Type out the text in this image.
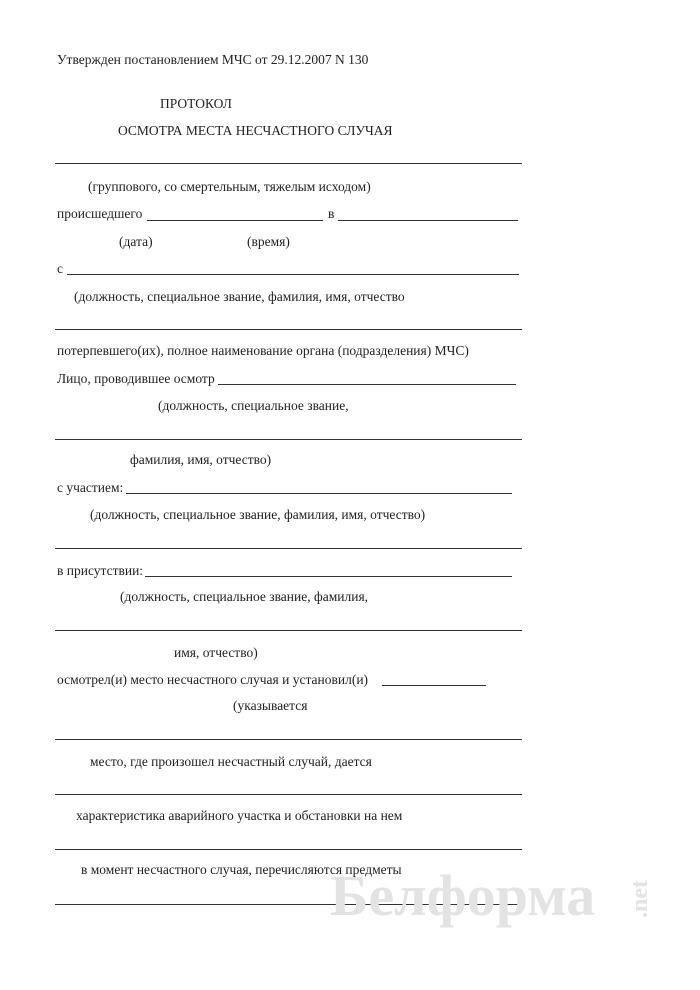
Утвержден постановлением МЧС от 29.12.2007 N 130
ПРОТОКОЛ
ОСМОТРА МЕСТА НЕСЧАСТНОГО СЛУЧАЯ
(группового, со смертельным, тяжелым исходом)
происшедшего	в
(дата)	(время)
с
(должность, специальное звание, фамилия, имя, отчество
потерпевшего(их), полное наименование органа (подразделения) МЧС)
Лицо, проводившее осмотр
(должность, специальное звание,
фамилия, имя, отчество)
с участием:
(должность, специальное звание, фамилия, имя, отчество)
в присутствии:
(должность, специальное звание, фамилия,
имя, отчество)
осмотрел(и) место несчастного случая и установил(и)
(указывается
место, где произошел несчастный случай, дается
характеристика аварийного участка и обстановки на нем
в момент несчастного случая, перечисляются предметы
Белформа .net
